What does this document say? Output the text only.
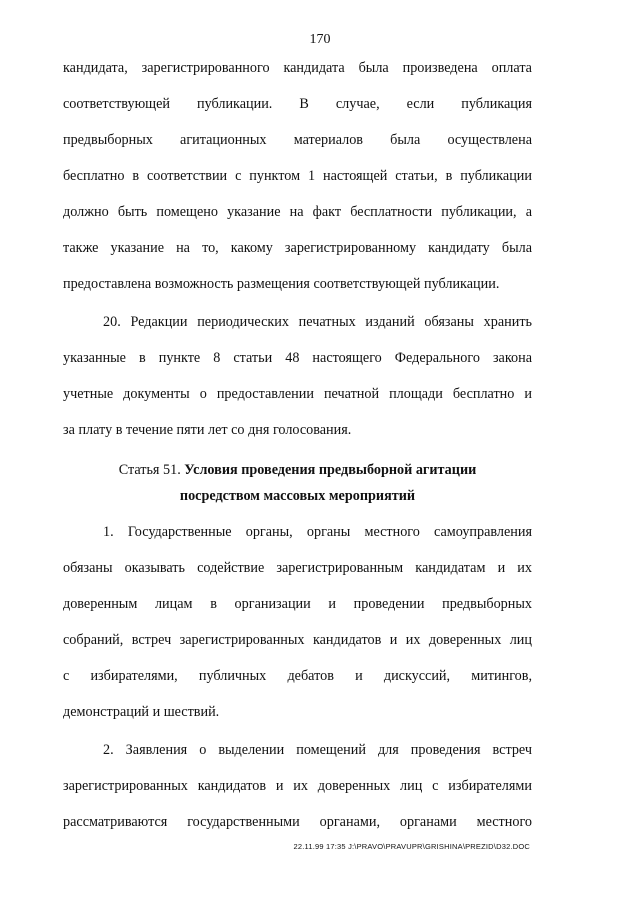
170
кандидата, зарегистрированного кандидата была произведена оплата
соответствующей публикации. В случае, если публикация
предвыборных агитационных материалов была осуществлена
бесплатно в соответствии с пунктом 1 настоящей статьи, в публикации
должно быть помещено указание на факт бесплатности публикации, а
также указание на то, какому зарегистрированному кандидату была
предоставлена возможность размещения соответствующей публикации.
20. Редакции периодических печатных изданий обязаны хранить
указанные в пункте 8 статьи 48 настоящего Федерального закона
учетные документы о предоставлении печатной площади бесплатно и
за плату в течение пяти лет со дня голосования.
Статья 51. Условия проведения предвыборной агитации
посредством массовых мероприятий
1. Государственные органы, органы местного самоуправления
обязаны оказывать содействие зарегистрированным кандидатам и их
доверенным лицам в организации и проведении предвыборных
собраний, встреч зарегистрированных кандидатов и их доверенных лиц
с избирателями, публичных дебатов и дискуссий, митингов,
демонстраций и шествий.
2. Заявления о выделении помещений для проведения встреч
зарегистрированных кандидатов и их доверенных лиц с избирателями
рассматриваются государственными органами, органами местного
22.11.99 17:35 J:\PRAVO\PRAVUPR\GRISHINA\PREZID\D32.DOC
